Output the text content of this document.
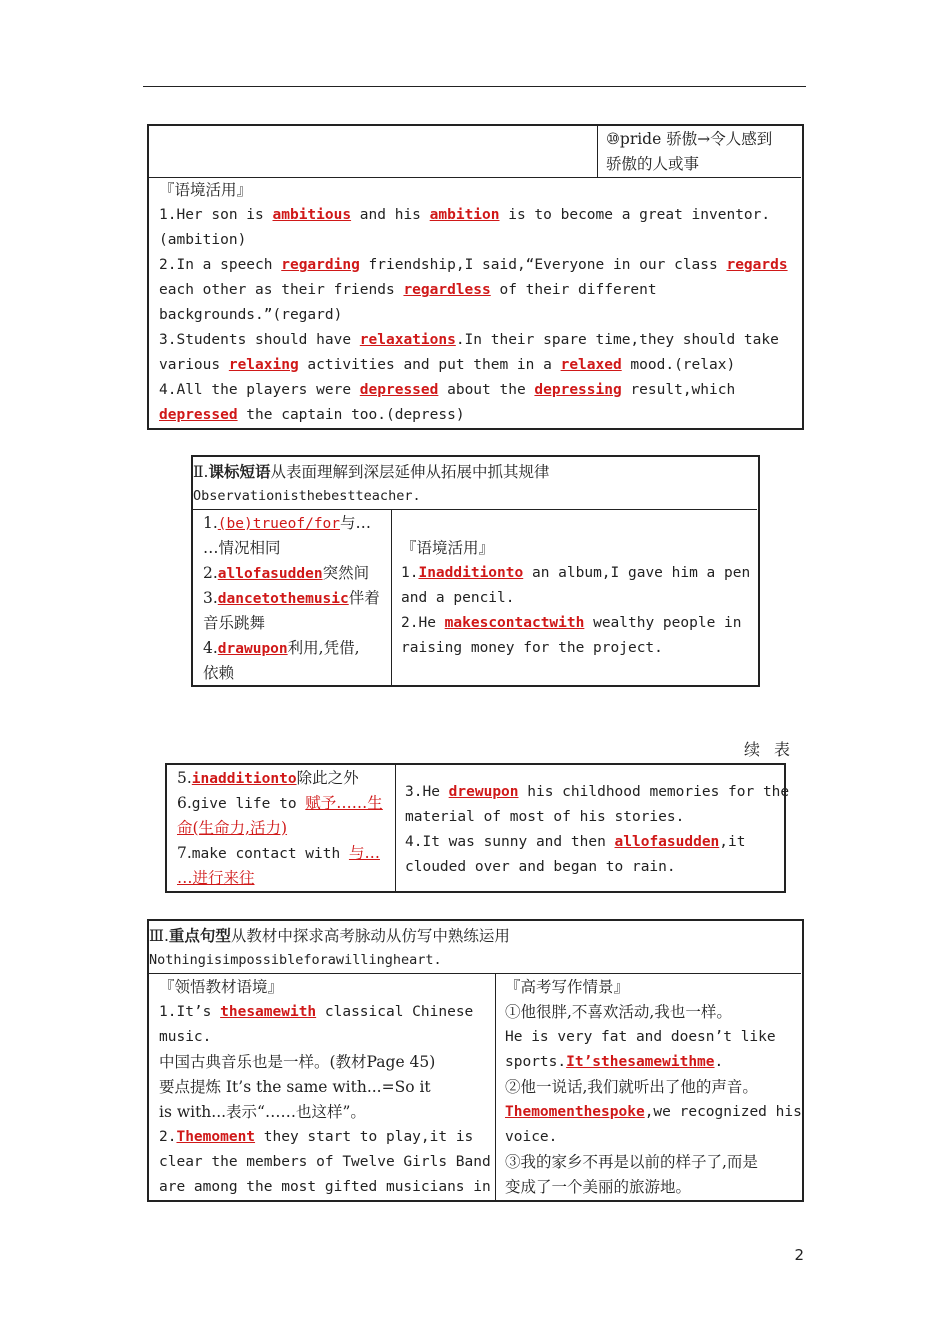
⑩pride 骄傲→令人感到
骄傲的人或事
『语境活用』
1.Her son is ambitious and his ambition is to become a great inventor.
(ambition)
2.In a speech regarding friendship,I said,“Everyone in our class regards
each other as their friends regardless of their different
backgrounds.”(regard)
3.Students should have relaxations.In their spare time,they should take
various relaxing activities and put them in a relaxed mood.(relax)
4.All the players were depressed about the depressing result,which
depressed the captain too.(depress)
Ⅱ.课标短语从表面理解到深层延伸从拓展中抓其规律
Observationisthebestteacher.
1.(be)trueof/for与…
…情况相同
2.allofasudden突然间
3.dancetothemusic伴着
音乐跳舞
4.drawupon利用,凭借,
依赖
『语境活用』
1.Inadditionto an album,I gave him a pen
and a pencil.
2.He makescontactwith wealthy people in
raising money for the project.
续表
5.inadditionto除此之外
6.give life to 赋予……生
命(生命力,活力)
7.make contact with 与…
…进行来往
3.He drewupon his childhood memories for the
material of most of his stories.
4.It was sunny and then allofasudden,it
clouded over and began to rain.
Ⅲ.重点句型从教材中探求高考脉动从仿写中熟练运用
Nothingisimpossibleforawillingheart.
『领悟教材语境』
1.It’s thesamewith classical Chinese
music.
中国古典音乐也是一样。(教材Page 45)
要点提炼 It’s the same with...=So it
is with...表示“……也这样”。
2.Themoment they start to play,it is
clear the members of Twelve Girls Band
are among the most gifted musicians in
『高考写作情景』
①他很胖,不喜欢活动,我也一样。
He is very fat and doesn’t like
sports.It’sthesamewithme.
②他一说话,我们就听出了他的声音。
Themomenthespoke,we recognized his
voice.
③我的家乡不再是以前的样子了,而是
变成了一个美丽的旅游地。
2
